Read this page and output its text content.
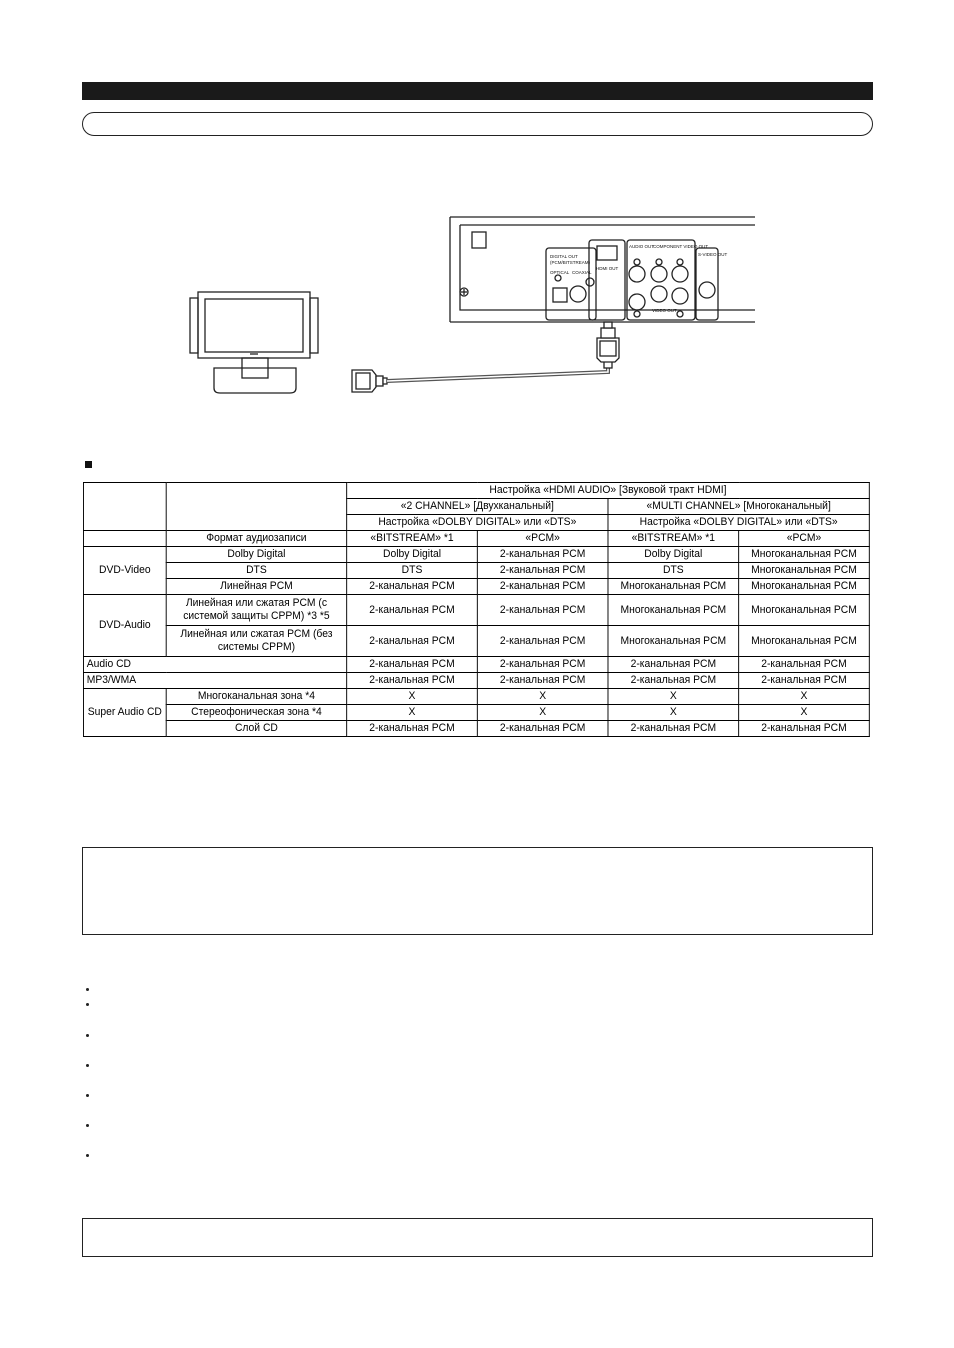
DIGITAL OUT
(PCM/BITSTREAM)
OPTICAL COAXIAL
HDMI OUT
AUDIO OUT
COMPONENT VIDEO OUT
VIDEO OUT
S-VIDEO OUT
		Настройка «HDMI AUDIO» [Звуковой тракт HDMI]			
		«2 CHANNEL» [Двухканальный]		«MULTI CHANNEL» [Многоканальный]	
		Настройка «DOLBY DIGITAL» или «DTS»		Настройка «DOLBY DIGITAL» или «DTS»	
	Формат аудиозаписи	«BITSTREAM» *1	«PCM»	«BITSTREAM» *1	«PCM»
DVD-Video	Dolby Digital	Dolby Digital	2-канальная PCM	Dolby Digital	Многоканальная PCM
	DTS	DTS	2-канальная PCM	DTS	Многоканальная PCM
	Линейная PCM	2-канальная PCM	2-канальная PCM	Многоканальная PCM	Многоканальная PCM
DVD-Audio	Линейная или сжатая PCM (с системой защиты CPPM) *3 *5	2-канальная PCM	2-канальная PCM	Многоканальная PCM	Многоканальная PCM
	Линейная или сжатая PCM (без системы CPPM)	2-канальная PCM	2-канальная PCM	Многоканальная PCM	Многоканальная PCM
Audio CD		2-канальная PCM	2-канальная PCM	2-канальная PCM	2-канальная PCM
MP3/WMA		2-канальная PCM	2-канальная PCM	2-канальная PCM	2-канальная PCM
Super Audio CD	Многоканальная зона *4	X	X	X	X
	Стереофоническая зона *4	X	X	X	X
	Слой CD	2-канальная PCM	2-канальная PCM	2-канальная PCM	2-канальная PCM
